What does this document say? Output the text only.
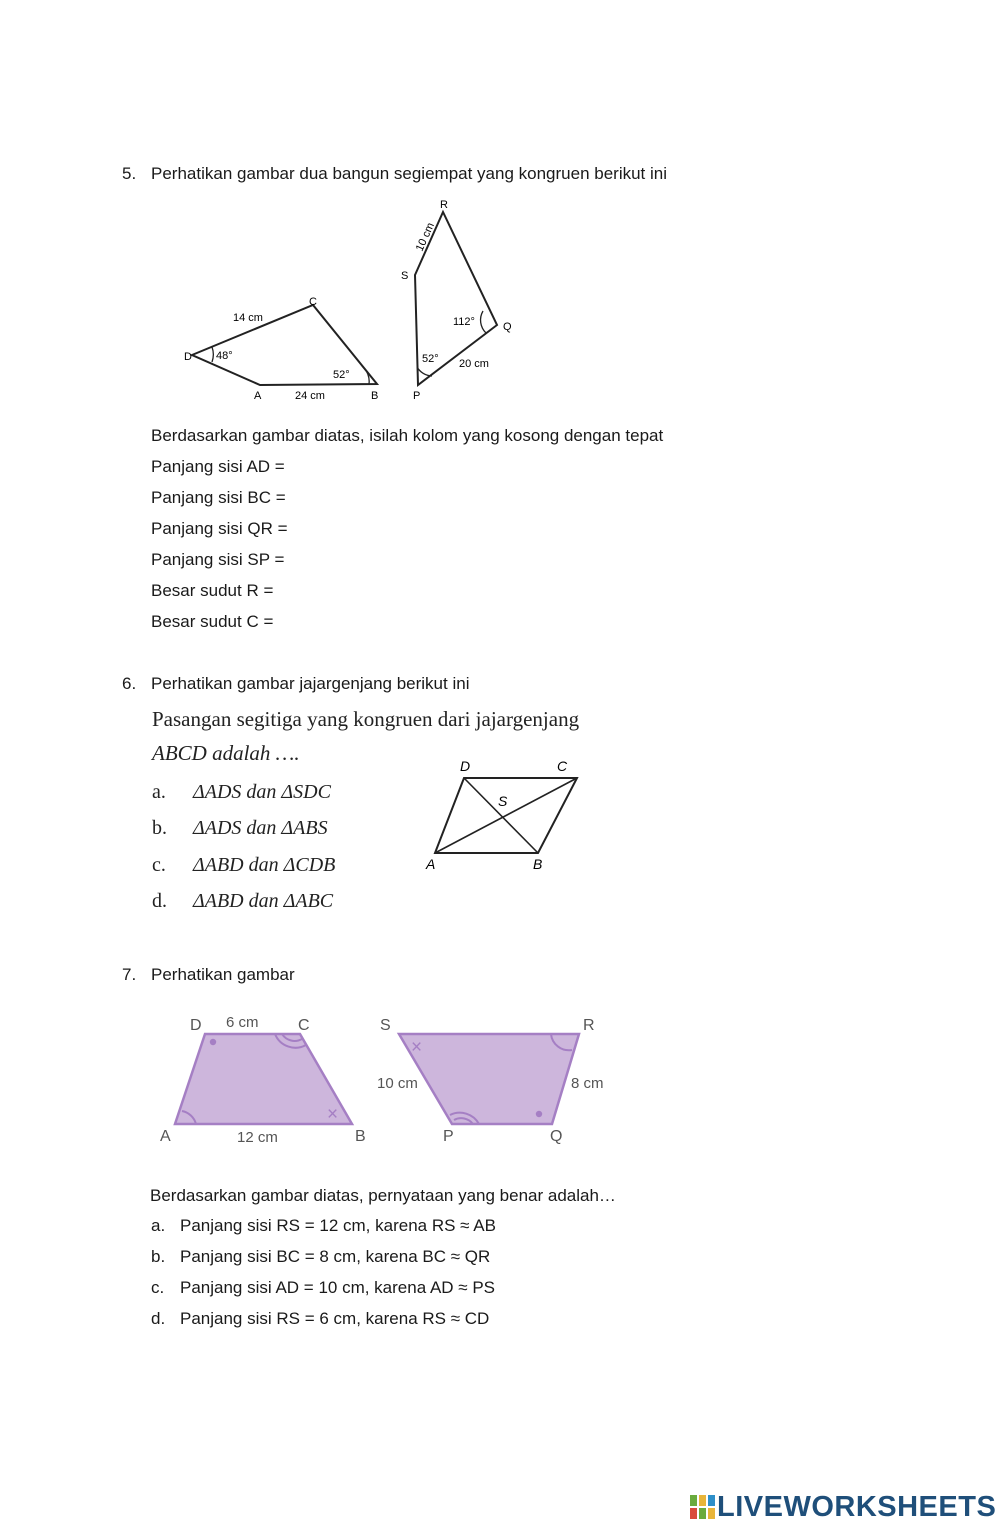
5. Perhatikan gambar dua bangun segiempat yang kongruen berikut ini
D
C
A	B
14 cm
24 cm
48°
52°
R
S
Q
P
10 cm
20 cm
112°
52°
Berdasarkan gambar diatas, isilah kolom yang kosong dengan tepat
Panjang sisi AD =
Panjang sisi BC =
Panjang sisi QR =
Panjang sisi SP =
Besar sudut R =
Besar sudut C =
6. Perhatikan gambar jajargenjang berikut ini
Pasangan segitiga yang kongruen dari jajargenjang
ABCD adalah ….
a. ΔADS dan ΔSDC
b. ΔADS dan ΔABS
c. ΔABD dan ΔCDB
d. ΔABD dan ΔABC
D	C
A	B
S
7. Perhatikan gambar
×
D 6 cm C
A	12 cm	B
×
S	R
10 cm	8 cm
P	Q
Berdasarkan gambar diatas, pernyataan yang benar adalah…
a. Panjang sisi RS = 12 cm, karena RS ≈ AB
b. Panjang sisi BC = 8 cm, karena BC ≈ QR
c. Panjang sisi AD = 10 cm, karena AD ≈ PS
d. Panjang sisi RS = 6 cm, karena RS ≈ CD
LIVEWORKSHEETS
